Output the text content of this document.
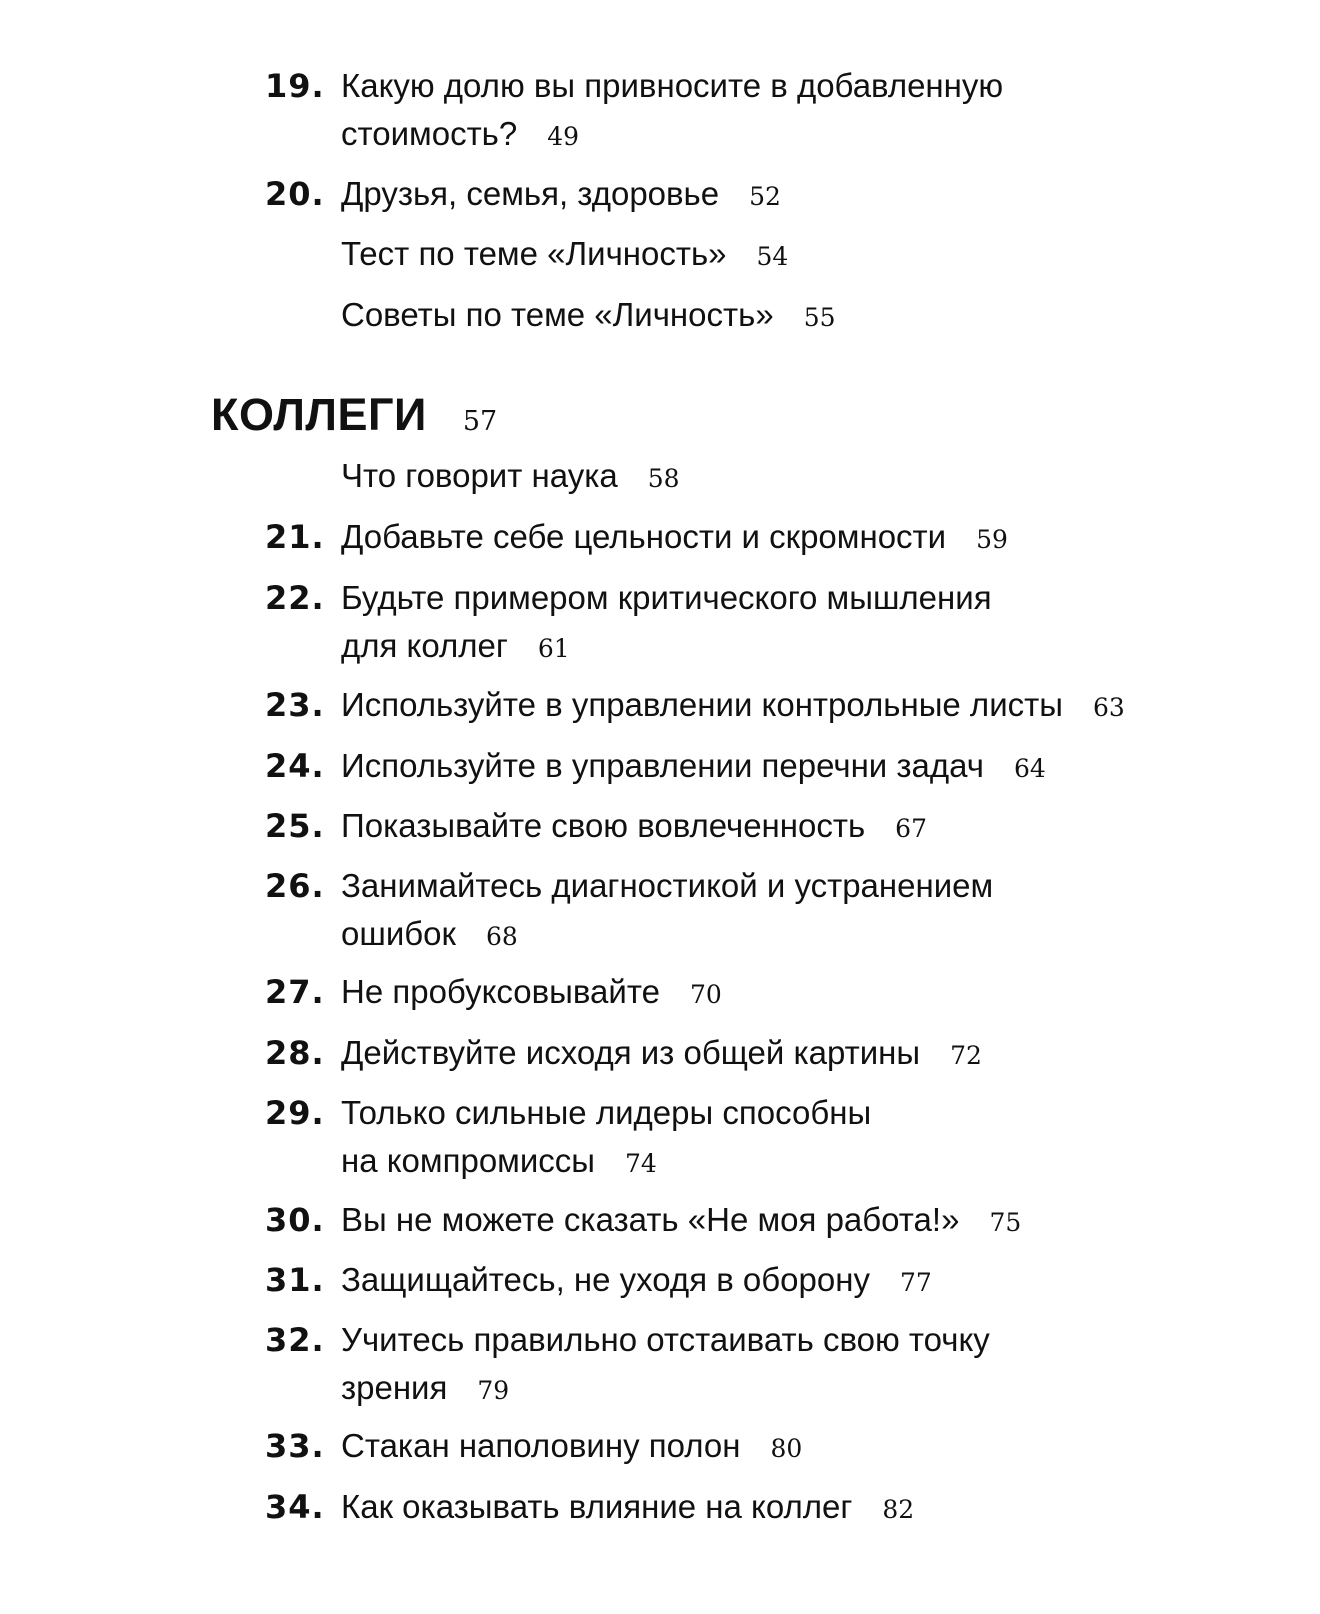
19. Какую долю вы привносите в добавленную
стоимость? 49
20. Друзья, семья, здоровье 52
Тест по теме «Личность» 54
Советы по теме «Личность» 55
КОЛЛЕГИ 57
Что говорит наука 58
21. Добавьте себе цельности и скромности 59
22. Будьте примером критического мышления
для коллег 61
23. Используйте в управлении контрольные листы 63
24. Используйте в управлении перечни задач 64
25. Показывайте свою вовлеченность 67
26. Занимайтесь диагностикой и устранением
ошибок 68
27. Не пробуксовывайте 70
28. Действуйте исходя из общей картины 72
29. Только сильные лидеры способны
на компромиссы 74
30. Вы не можете сказать «Не моя работа!» 75
31. Защищайтесь, не уходя в оборону 77
32. Учитесь правильно отстаивать свою точку
зрения 79
33. Стакан наполовину полон 80
34. Как оказывать влияние на коллег 82
